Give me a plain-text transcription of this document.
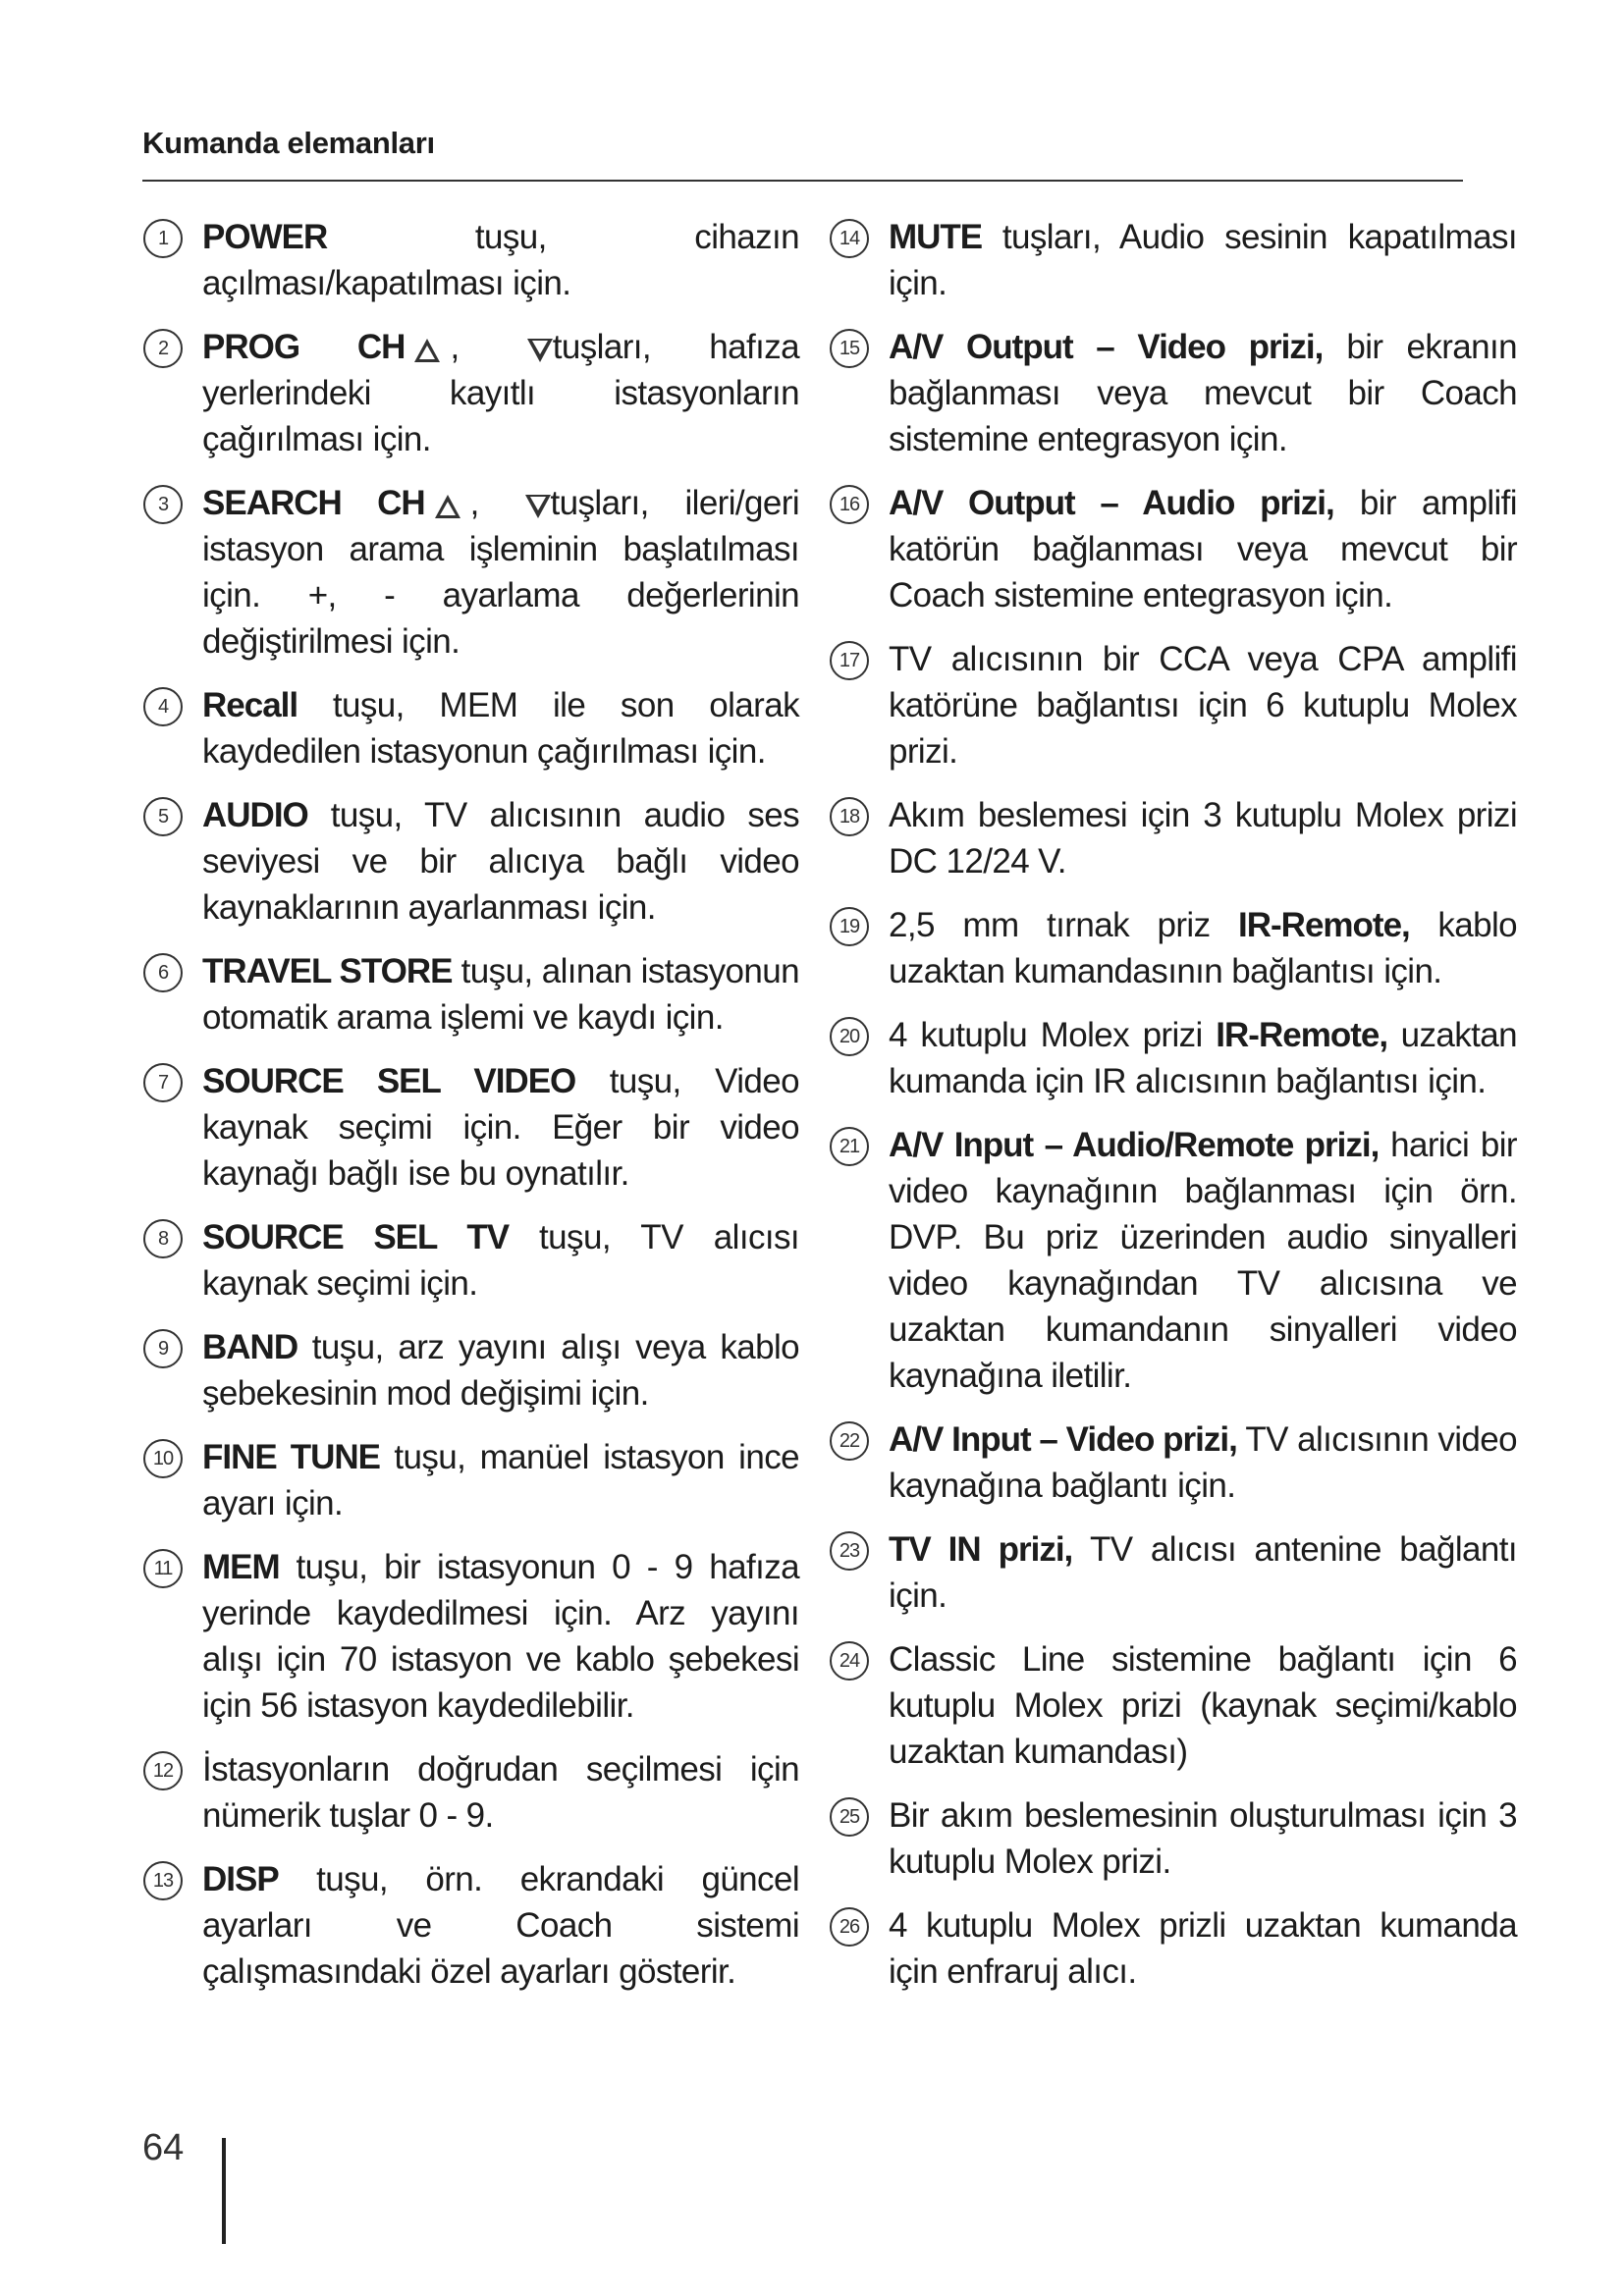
Kumanda elemanları
1 POWER tuşu, cihazın açılması/kapatılması için.
2 PROG CH , tuşları, hafıza yerlerindeki kayıtlı istasyonların çağırılması için.
3 SEARCH CH , tuşları, ileri/geri istasyon arama işleminin başlatılması için. +, - ayarlama değerlerinin değiştirilmesi için.
4 Recall tuşu, MEM ile son olarak kaydedilen istasyonun çağırılması için.
5 AUDIO tuşu, TV alıcısının audio ses seviyesi ve bir alıcıya bağlı video kaynaklarının ayarlanması için.
6 TRAVEL STORE tuşu, alınan istasyonun otomatik arama işlemi ve kaydı için.
7 SOURCE SEL VIDEO tuşu, Video kaynak seçimi için. Eğer bir video kaynağı bağlı ise bu oynatılır.
8 SOURCE SEL TV tuşu, TV alıcısı kaynak seçimi için.
9 BAND tuşu, arz yayını alışı veya kablo şebekesinin mod değişimi için.
10 FINE TUNE tuşu, manüel istasyon ince ayarı için.
11 MEM tuşu, bir istasyonun 0 - 9 hafıza yerinde kaydedilmesi için. Arz yayını alışı için 70 istasyon ve kablo şebekesi için 56 istasyon kaydedilebilir.
12 İstasyonların doğrudan seçilmesi için nümerik tuşlar 0 - 9.
13 DISP tuşu, örn. ekrandaki güncel ayarları ve Coach sistemi çalışmasındaki özel ayarları gösterir.
14 MUTE tuşları, Audio sesinin kapatılması için.
15 A/V Output – Video prizi, bir ekranın bağlanması veya mevcut bir Coach sistemine entegrasyon için.
16 A/V Output – Audio prizi, bir amplifi katörün bağlanması veya mevcut bir Coach sistemine entegrasyon için.
17 TV alıcısının bir CCA veya CPA amplifi katörüne bağlantısı için 6 kutuplu Molex prizi.
18 Akım beslemesi için 3 kutuplu Molex prizi DC 12/24 V.
19 2,5 mm tırnak priz IR-Remote, kablo uzaktan kumandasının bağlantısı için.
20 4 kutuplu Molex prizi IR-Remote, uzaktan kumanda için IR alıcısının bağlantısı için.
21 A/V Input – Audio/Remote prizi, harici bir video kaynağının bağlanması için örn. DVP. Bu priz üzerinden audio sinyalleri video kaynağından TV alıcısına ve uzaktan kumandanın sinyalleri video kaynağına iletilir.
22 A/V Input – Video prizi, TV alıcısının video kaynağına bağlantı için.
23 TV IN prizi, TV alıcısı antenine bağlantı için.
24 Classic Line sistemine bağlantı için 6 kutuplu Molex prizi (kaynak seçimi/kablo uzaktan kumandası)
25 Bir akım beslemesinin oluşturulması için 3 kutuplu Molex prizi.
26 4 kutuplu Molex prizli uzaktan kumanda için enfraruj alıcı.
64
